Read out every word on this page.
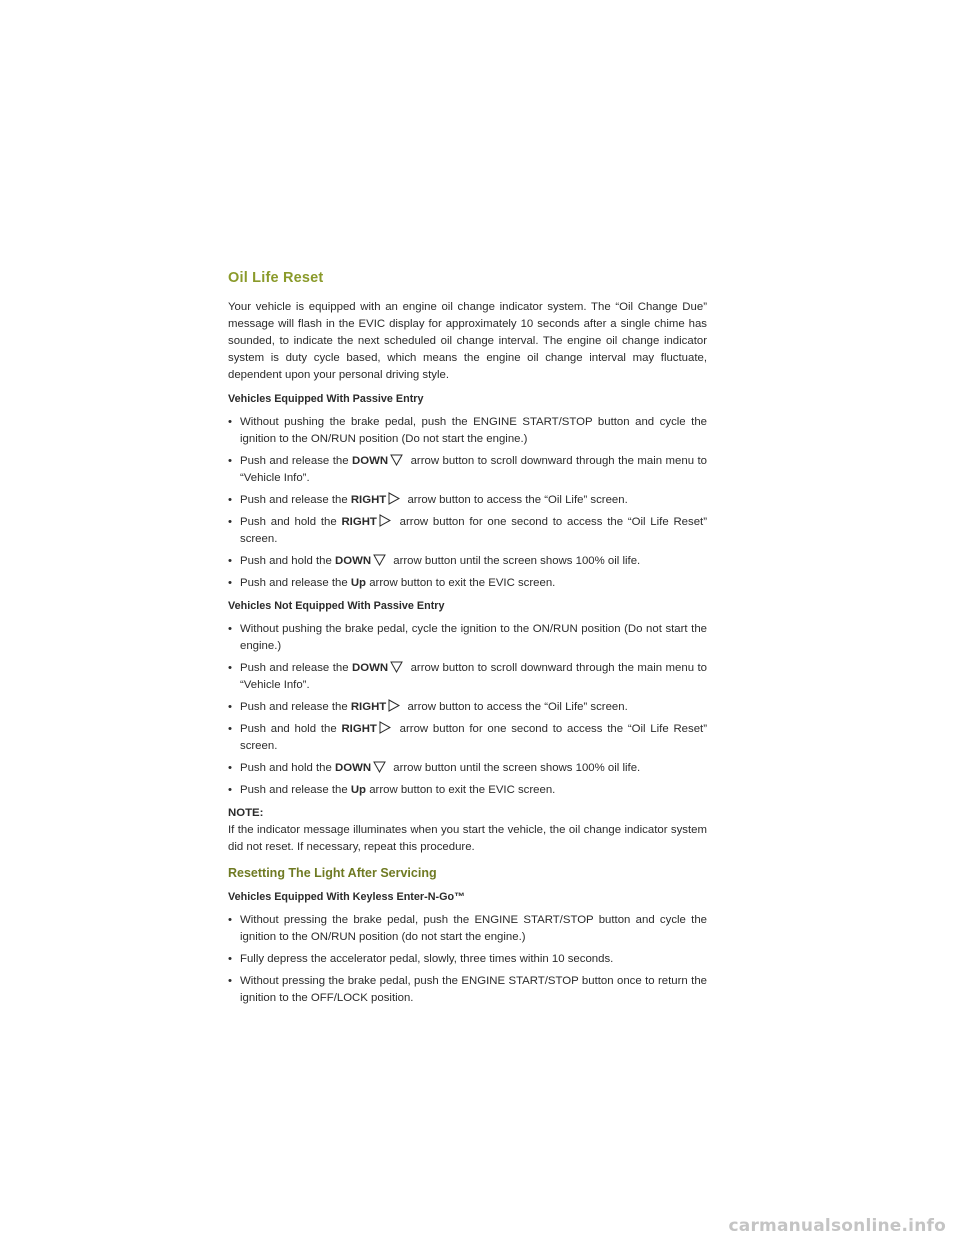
Oil Life Reset

Your vehicle is equipped with an engine oil change indicator system. The “Oil Change Due” message will flash in the EVIC display for approximately 10 seconds after a single chime has sounded, to indicate the next scheduled oil change interval. The engine oil change indicator system is duty cycle based, which means the engine oil change interval may fluctuate, dependent upon your personal driving style.

Vehicles Equipped With Passive Entry
• Without pushing the brake pedal, push the ENGINE START/STOP button and cycle the ignition to the ON/RUN position (Do not start the engine.)
• Push and release the DOWN arrow button to scroll downward through the main menu to “Vehicle Info”.
• Push and release the RIGHT arrow button to access the “Oil Life” screen.
• Push and hold the RIGHT arrow button for one second to access the “Oil Life Reset” screen.
• Push and hold the DOWN arrow button until the screen shows 100% oil life.
• Push and release the Up arrow button to exit the EVIC screen.
Vehicles Not Equipped With Passive Entry
• Without pushing the brake pedal, cycle the ignition to the ON/RUN position (Do not start the engine.)
• Push and release the DOWN arrow button to scroll downward through the main menu to “Vehicle Info”.
• Push and release the RIGHT arrow button to access the “Oil Life” screen.
• Push and hold the RIGHT arrow button for one second to access the “Oil Life Reset” screen.
• Push and hold the DOWN arrow button until the screen shows 100% oil life.
• Push and release the Up arrow button to exit the EVIC screen.
NOTE:

If the indicator message illuminates when you start the vehicle, the oil change indicator system did not reset. If necessary, repeat this procedure.

Resetting The Light After Servicing
Vehicles Equipped With Keyless Enter-N-Go™
• Without pressing the brake pedal, push the ENGINE START/STOP button and cycle the ignition to the ON/RUN position (do not start the engine.)
• Fully depress the accelerator pedal, slowly, three times within 10 seconds.
• Without pressing the brake pedal, push the ENGINE START/STOP button once to return the ignition to the OFF/LOCK position.
carmanualsonline.info
